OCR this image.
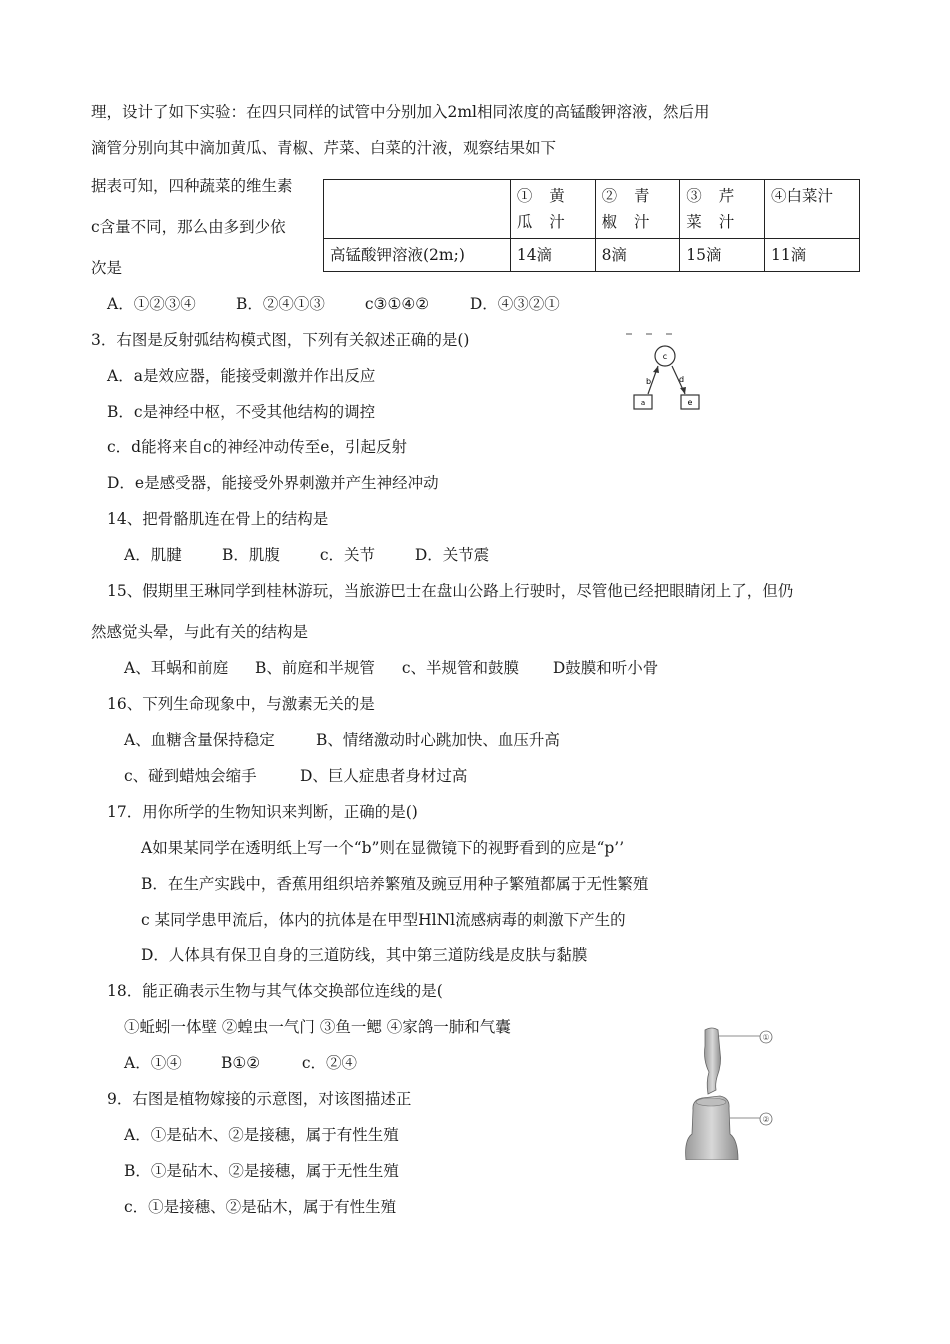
理，设计了如下实验：在四只同样的试管中分别加入2ml相同浓度的高锰酸钾溶液，然后用
滴管分别向其中滴加黄瓜、青椒、芹菜、白菜的汁液，观察结果如下
据表可知，四种蔬菜的维生素
c含量不同，那么由多到少依
次是
	① 黄 瓜 汁	② 青 椒 汁	③ 芹 菜 汁	④白菜汁
高锰酸钾溶液(2m;)	14滴	8滴	15滴	11滴
A．①②③④	B．②④①③	c③①④②	D．④③②①
3．右图是反射弧结构模式图，下列有关叙述正确的是()
A．a是效应器，能接受刺激并作出反应
B．c是神经中枢，不受其他结构的调控
c．d能将来自c的神经冲动传至e，引起反射
D．e是感受器，能接受外界刺激并产生神经冲动
c
b	d
a	e
14、把骨骼肌连在骨上的结构是
A．肌腱	B．肌腹	c．关节	D．关节震
15、假期里王琳同学到桂林游玩，当旅游巴士在盘山公路上行驶时，尽管他已经把眼睛闭上了，但仍
然感觉头晕，与此有关的结构是
A、耳蜗和前庭 B、前庭和半规管 c、半规管和鼓膜 D鼓膜和听小骨
16、下列生命现象中，与激素无关的是
A、血糖含量保持稳定	B、情绪激动时心跳加快、血压升高
c、碰到蜡烛会缩手	D、巨人症患者身材过高
17．用你所学的生物知识来判断，正确的是()
A如果某同学在透明纸上写一个“b”则在显微镜下的视野看到的应是“p’’
B．在生产实践中，香蕉用组织培养繁殖及豌豆用种子繁殖都属于无性繁殖
c 某同学患甲流后，体内的抗体是在甲型HlNl流感病毒的刺激下产生的
D．人体具有保卫自身的三道防线，其中第三道防线是皮肤与黏膜
18．能正确表示生物与其气体交换部位连线的是(
①蚯蚓一体壁 ②蝗虫一气门 ③鱼一鳃 ④家鸽一肺和气囊
A．①④	B①②	c．②④
9．右图是植物嫁接的示意图，对该图描述正
A．①是砧木、②是接穗，属于有性生殖
B．①是砧木、②是接穗，属于无性生殖
c．①是接穗、②是砧木，属于有性生殖
①
②
